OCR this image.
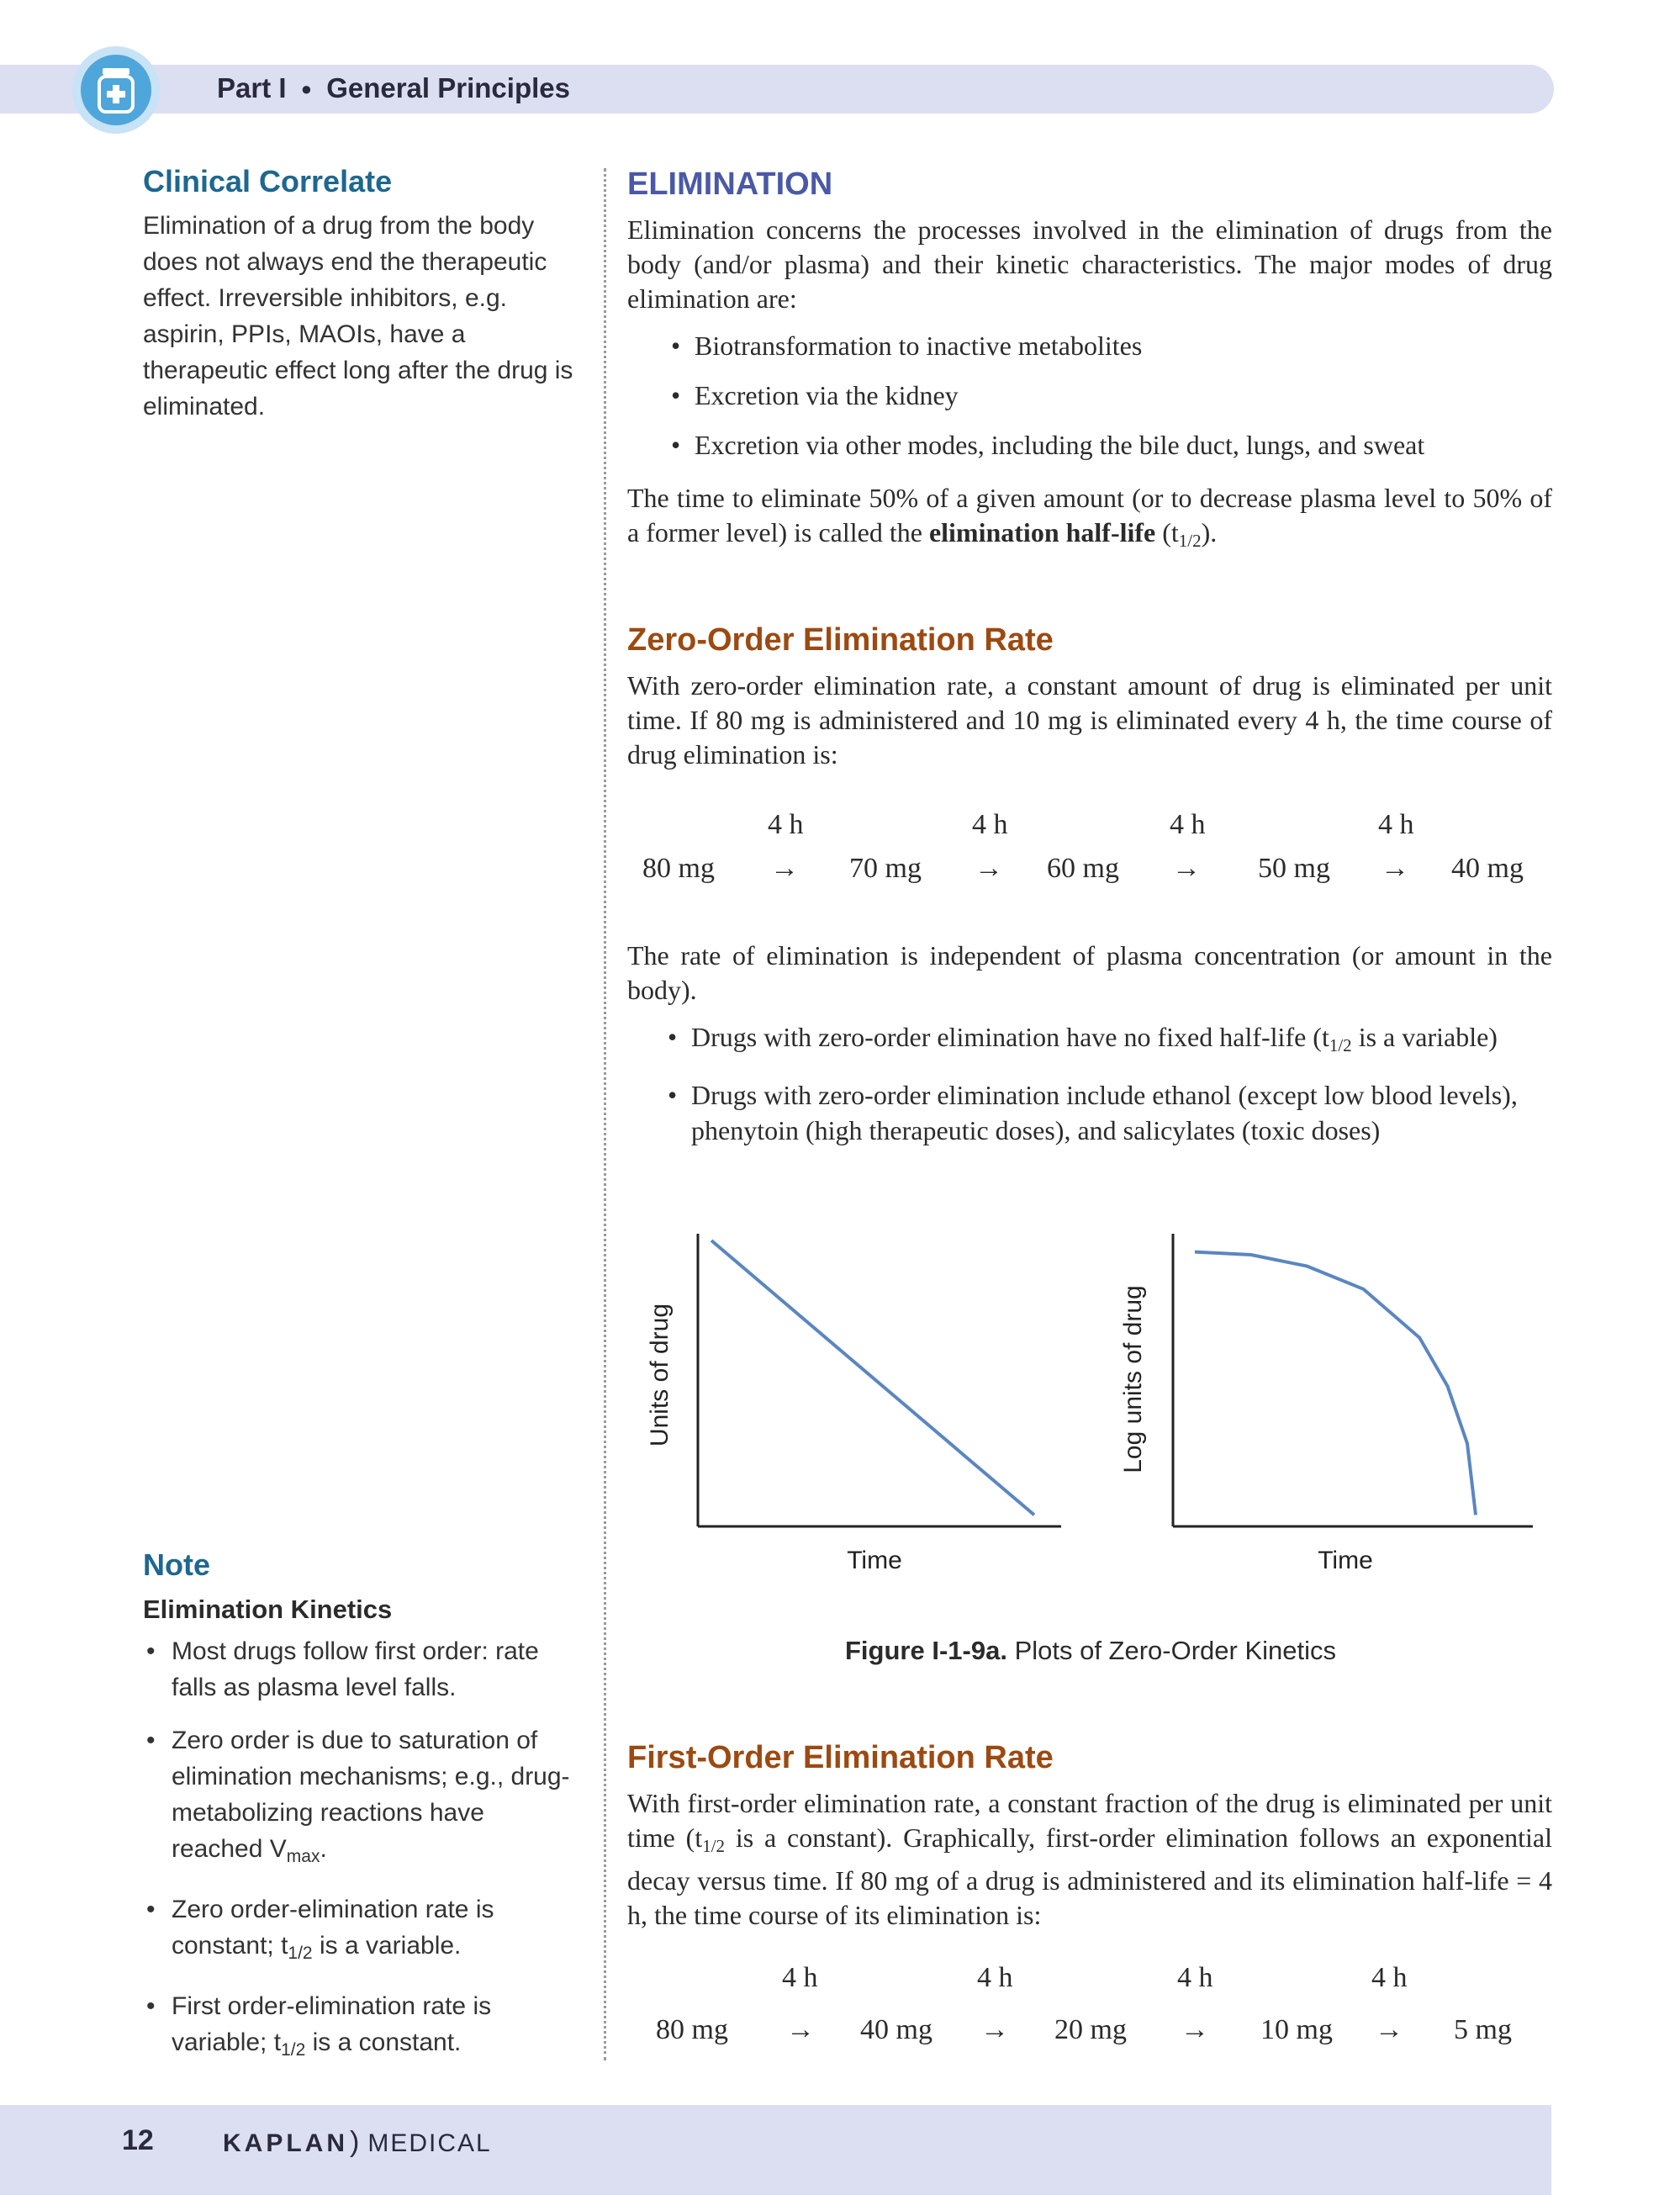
Part I ● General Principles
Clinical Correlate
Elimination of a drug from the body
does not always end the therapeutic
effect. Irreversible inhibitors, e.g.
aspirin, PPIs, MAOIs, have a
therapeutic effect long after the drug is
eliminated.
Note
Elimination Kinetics
• Most drugs follow first order: rate
falls as plasma level falls.
• Zero order is due to saturation of
elimination mechanisms; e.g., drug-
metabolizing reactions have
reached $V_{max}$.
• Zero order-elimination rate is
constant; $t_{1/2}$ is a variable.
• First order-elimination rate is
variable; $t_{1/2}$ is a constant.
ELIMINATION
Elimination concerns the processes involved in the elimination of drugs from the body (and/or plasma) and their kinetic characteristics. The major modes of drug elimination are:
• Biotransformation to inactive metabolites
• Excretion via the kidney
• Excretion via other modes, including the bile duct, lungs, and sweat
The time to eliminate 50% of a given amount (or to decrease plasma level to 50% of a former level) is called the elimination half-life $(t_{1/2})$.
Zero-Order Elimination Rate
With zero-order elimination rate, a constant amount of drug is eliminated per unit time. If 80 mg is administered and 10 mg is eliminated every 4 h, the time course of drug elimination is:
4 h	4 h	4 h	4 h
80 mg → 70 mg → 60 mg → 50 mg → 40 mg
The rate of elimination is independent of plasma concentration (or amount in the body).
• Drugs with zero-order elimination have no fixed half-life ($t_{1/2}$ is a variable)
• Drugs with zero-order elimination include ethanol (except low blood levels), phenytoin (high therapeutic doses), and salicylates (toxic doses)
Units of drug
Time
Log units of drug
Time
Figure I-1-9a. Plots of Zero-Order Kinetics
First-Order Elimination Rate
With first-order elimination rate, a constant fraction of the drug is eliminated per unit time ($t_{1/2}$ is a constant). Graphically, first-order elimination follows an exponential decay versus time. If 80 mg of a drug is administered and its elimination half-life = 4 h, the time course of its elimination is:
4 h	4 h	4 h	4 h
80 mg → 40 mg → 20 mg → 10 mg → 5 mg
12	KAPLAN) MEDICAL
